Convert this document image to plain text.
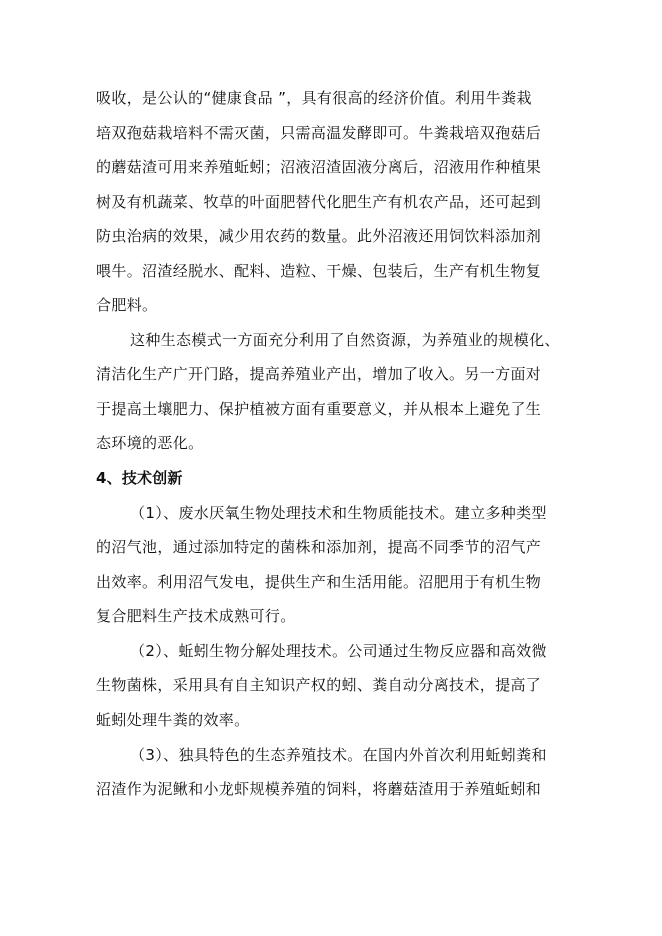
吸收，是公认的“健康食品 ”，具有很高的经济价值。利用牛粪栽
培双孢菇栽培料不需灭菌，只需高温发酵即可。牛粪栽培双孢菇后
的蘑菇渣可用来养殖蚯蚓；沼液沼渣固液分离后，沼液用作种植果
树及有机蔬菜、牧草的叶面肥替代化肥生产有机农产品，还可起到
防虫治病的效果，减少用农药的数量。此外沼液还用饲饮料添加剂
喂牛。沼渣经脱水、配料、造粒、干燥、包装后，生产有机生物复
合肥料。
这种生态模式一方面充分利用了自然资源，为养殖业的规模化、
清洁化生产广开门路，提高养殖业产出，增加了收入。另一方面对
于提高土壤肥力、保护植被方面有重要意义，并从根本上避免了生
态环境的恶化。
4、技术创新
（1）、废水厌氧生物处理技术和生物质能技术。建立多种类型
的沼气池，通过添加特定的菌株和添加剂，提高不同季节的沼气产
出效率。利用沼气发电，提供生产和生活用能。沼肥用于有机生物
复合肥料生产技术成熟可行。
（2）、蚯蚓生物分解处理技术。公司通过生物反应器和高效微
生物菌株，采用具有自主知识产权的蚓、粪自动分离技术，提高了
蚯蚓处理牛粪的效率。
（3）、独具特色的生态养殖技术。在国内外首次利用蚯蚓粪和
沼渣作为泥鳅和小龙虾规模养殖的饲料，将蘑菇渣用于养殖蚯蚓和
